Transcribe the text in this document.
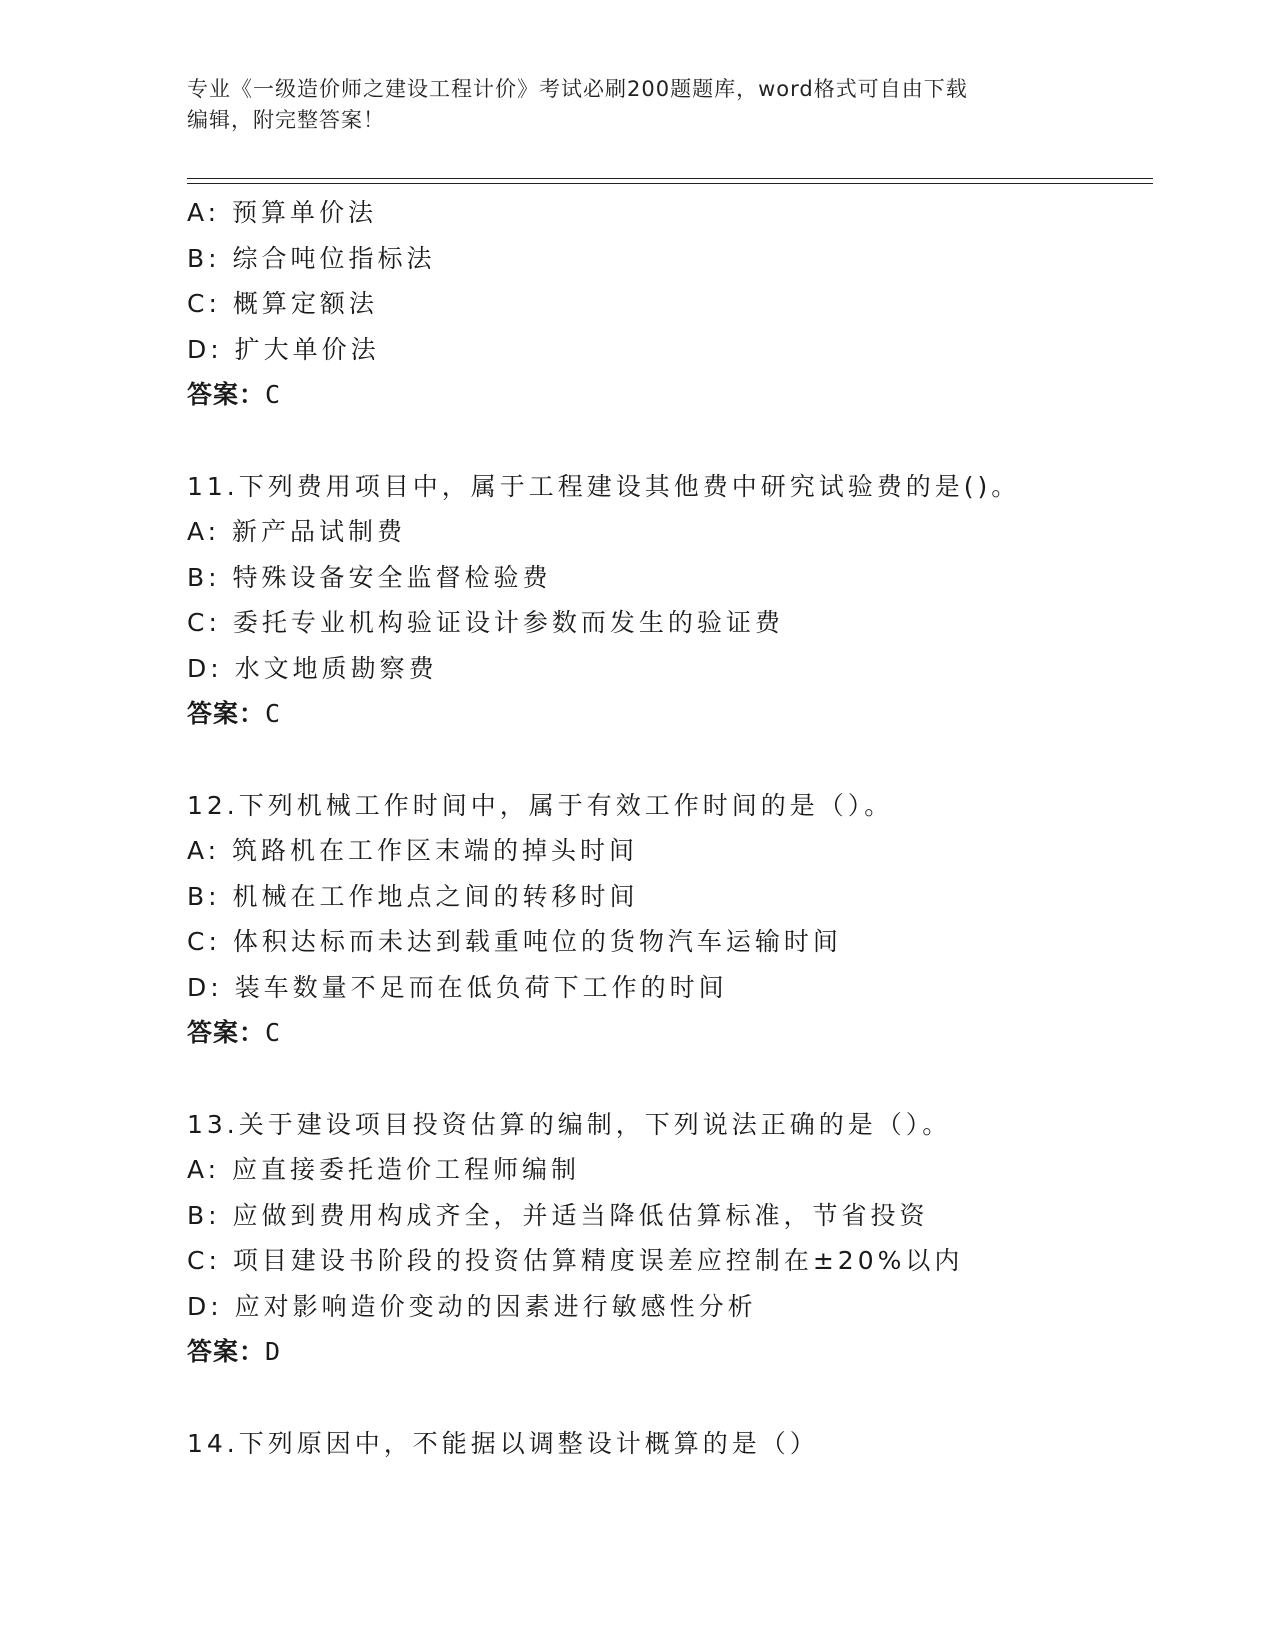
专业《一级造价师之建设工程计价》考试必刷200题题库，word格式可自由下载
编辑，附完整答案！
A: 预算单价法
B: 综合吨位指标法
C: 概算定额法
D: 扩大单价法
答案：C
11.下列费用项目中，属于工程建设其他费中研究试验费的是()。
A: 新产品试制费
B: 特殊设备安全监督检验费
C: 委托专业机构验证设计参数而发生的验证费
D: 水文地质勘察费
答案：C
12.下列机械工作时间中，属于有效工作时间的是（）。
A: 筑路机在工作区末端的掉头时间
B: 机械在工作地点之间的转移时间
C: 体积达标而未达到载重吨位的货物汽车运输时间
D: 装车数量不足而在低负荷下工作的时间
答案：C
13.关于建设项目投资估算的编制，下列说法正确的是（）。
A: 应直接委托造价工程师编制
B: 应做到费用构成齐全，并适当降低估算标准，节省投资
C: 项目建设书阶段的投资估算精度误差应控制在±20%以内
D: 应对影响造价变动的因素进行敏感性分析
答案：D
14.下列原因中，不能据以调整设计概算的是（）
